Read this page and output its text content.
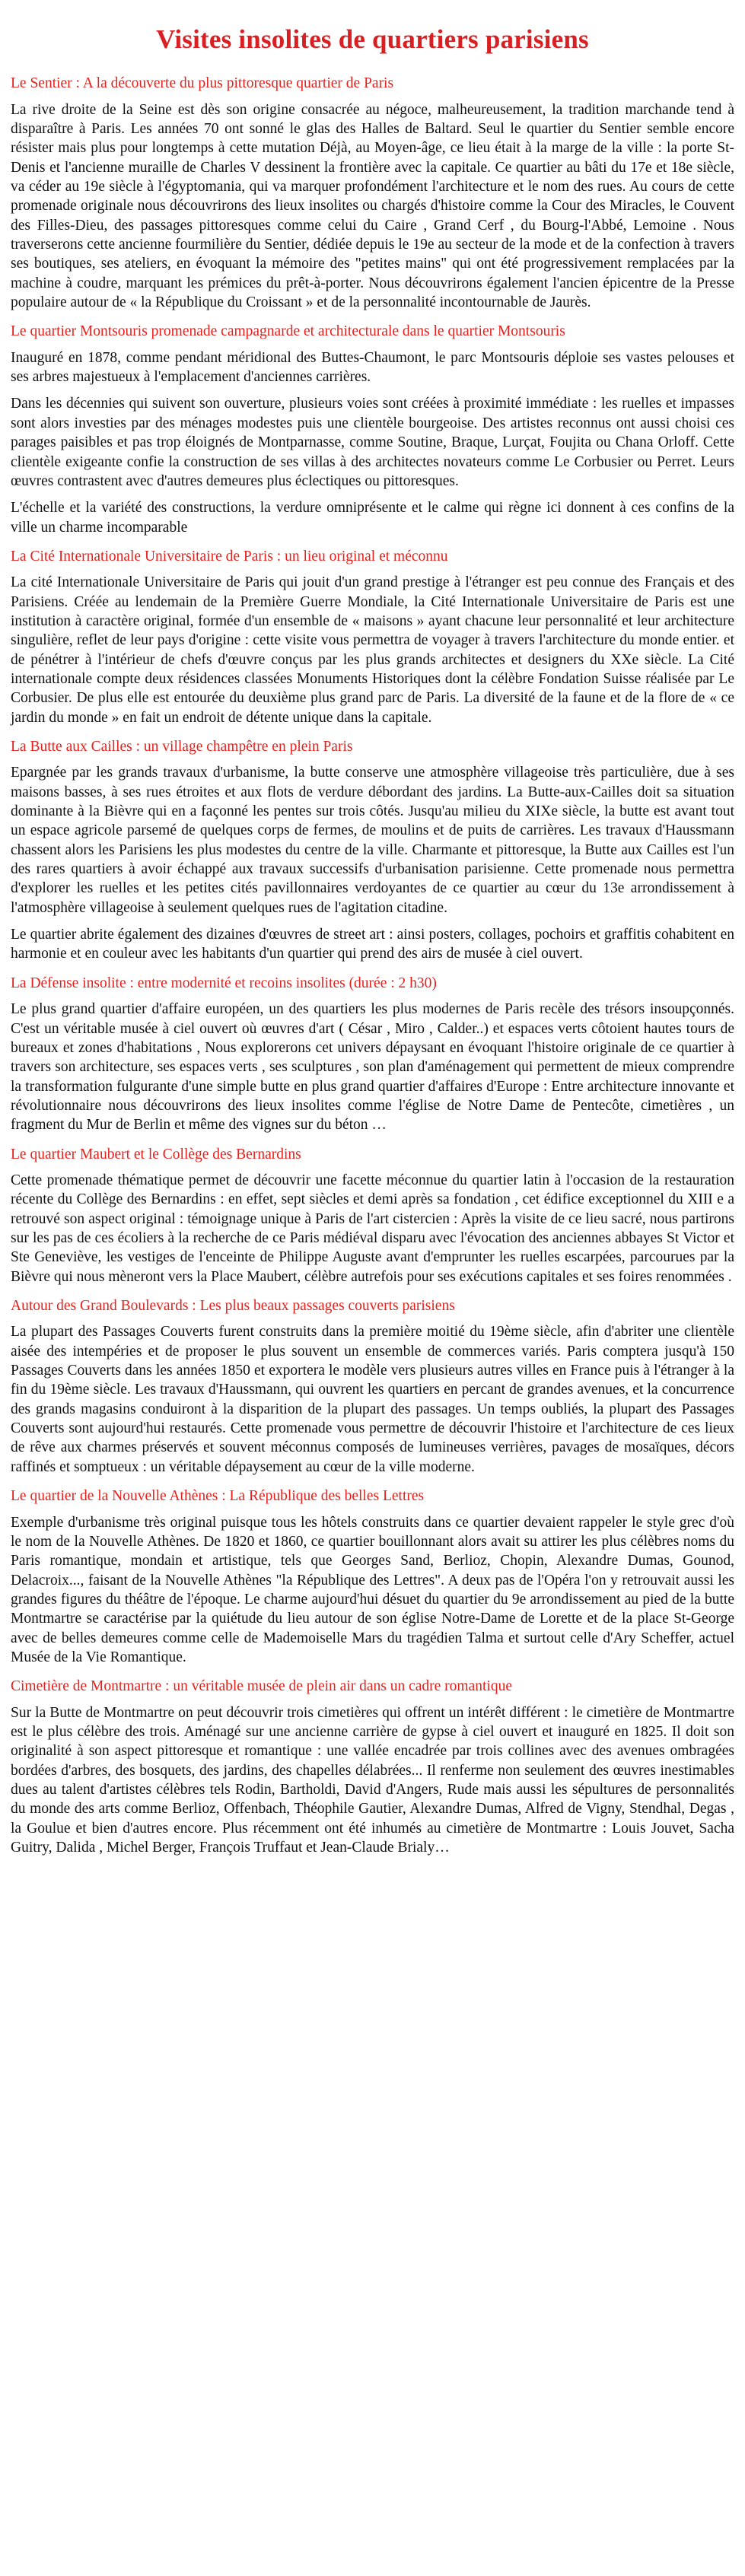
Visites insolites de quartiers parisiens
Le Sentier : A la découverte du plus pittoresque quartier de Paris

La rive droite de la Seine est dès son origine consacrée au négoce, malheureusement, la tradition marchande tend à disparaître à Paris. Les années 70 ont sonné le glas des Halles de Baltard. Seul le quartier du Sentier semble encore résister mais plus pour longtemps à cette mutation Déjà, au Moyen-âge, ce lieu était à la marge de la ville : la porte St-Denis et l'ancienne muraille de Charles V dessinent la frontière avec la capitale. Ce quartier au bâti du 17e et 18e siècle, va céder au 19e siècle à l'égyptomania, qui va marquer profondément l'architecture et le nom des rues. Au cours de cette promenade originale nous découvrirons des lieux insolites ou chargés d'histoire comme la Cour des Miracles, le Couvent des Filles-Dieu, des passages pittoresques comme celui du Caire , Grand Cerf , du Bourg-l'Abbé, Lemoine . Nous traverserons cette ancienne fourmilière du Sentier, dédiée depuis le 19e au secteur de la mode et de la confection à travers ses boutiques, ses ateliers, en évoquant la mémoire des "petites mains" qui ont été progressivement remplacées par la machine à coudre, marquant les prémices du prêt-à-porter. Nous découvrirons également l'ancien épicentre de la Presse populaire autour de « la République du Croissant » et de la personnalité incontournable de Jaurès.

Le quartier Montsouris promenade campagnarde et architecturale dans le quartier Montsouris

Inauguré en 1878, comme pendant méridional des Buttes-Chaumont, le parc Montsouris déploie ses vastes pelouses et ses arbres majestueux à l'emplacement d'anciennes carrières.

Dans les décennies qui suivent son ouverture, plusieurs voies sont créées à proximité immédiate : les ruelles et impasses sont alors investies par des ménages modestes puis une clientèle bourgeoise. Des artistes reconnus ont aussi choisi ces parages paisibles et pas trop éloignés de Montparnasse, comme Soutine, Braque, Lurçat, Foujita ou Chana Orloff. Cette clientèle exigeante confie la construction de ses villas à des architectes novateurs comme Le Corbusier ou Perret. Leurs œuvres contrastent avec d'autres demeures plus éclectiques ou pittoresques.

L'échelle et la variété des constructions, la verdure omniprésente et le calme qui règne ici donnent à ces confins de la ville un charme incomparable

La Cité Internationale Universitaire de Paris : un lieu original et méconnu

La cité Internationale Universitaire de Paris qui jouit d'un grand prestige à l'étranger est peu connue des Français et des Parisiens. Créée au lendemain de la Première Guerre Mondiale, la Cité Internationale Universitaire de Paris est une institution à caractère original, formée d'un ensemble de « maisons » ayant chacune leur personnalité et leur architecture singulière, reflet de leur pays d'origine : cette visite vous permettra de voyager à travers l'architecture du monde entier. et de pénétrer à l'intérieur de chefs d'œuvre conçus par les plus grands architectes et designers du XXe siècle. La Cité internationale compte deux résidences classées Monuments Historiques dont la célèbre Fondation Suisse réalisée par Le Corbusier. De plus elle est entourée du deuxième plus grand parc de Paris. La diversité de la faune et de la flore de « ce jardin du monde » en fait un endroit de détente unique dans la capitale.

La Butte aux Cailles : un village champêtre en plein Paris

Epargnée par les grands travaux d'urbanisme, la butte conserve une atmosphère villageoise très particulière, due à ses maisons basses, à ses rues étroites et aux flots de verdure débordant des jardins. La Butte-aux-Cailles doit sa situation dominante à la Bièvre qui en a façonné les pentes sur trois côtés. Jusqu'au milieu du XIXe siècle, la butte est avant tout un espace agricole parsemé de quelques corps de fermes, de moulins et de puits de carrières. Les travaux d'Haussmann chassent alors les Parisiens les plus modestes du centre de la ville. Charmante et pittoresque, la Butte aux Cailles est l'un des rares quartiers à avoir échappé aux travaux successifs d'urbanisation parisienne. Cette promenade nous permettra d'explorer les ruelles et les petites cités pavillonnaires verdoyantes de ce quartier au cœur du 13e arrondissement à l'atmosphère villageoise à seulement quelques rues de l'agitation citadine.

Le quartier abrite également des dizaines d'œuvres de street art : ainsi posters, collages, pochoirs et graffitis cohabitent en harmonie et en couleur avec les habitants d'un quartier qui prend des airs de musée à ciel ouvert.

La Défense insolite : entre modernité et recoins insolites (durée : 2 h30)

Le plus grand quartier d'affaire européen, un des quartiers les plus modernes de Paris recèle des trésors insoupçonnés. C'est un véritable musée à ciel ouvert où œuvres d'art ( César , Miro , Calder..) et espaces verts côtoient hautes tours de bureaux et zones d'habitations , Nous explorerons cet univers dépaysant en évoquant l'histoire originale de ce quartier à travers son architecture, ses espaces verts , ses sculptures , son plan d'aménagement qui permettent de mieux comprendre la transformation fulgurante d'une simple butte en plus grand quartier d'affaires d'Europe : Entre architecture innovante et révolutionnaire nous découvrirons des lieux insolites comme l'église de Notre Dame de Pentecôte, cimetières , un fragment du Mur de Berlin et même des vignes sur du béton …

Le quartier Maubert et le Collège des Bernardins

Cette promenade thématique permet de découvrir une facette méconnue du quartier latin à l'occasion de la restauration récente du Collège des Bernardins : en effet, sept siècles et demi après sa fondation , cet édifice exceptionnel du XIII e a retrouvé son aspect original : témoignage unique à Paris de l'art cistercien : Après la visite de ce lieu sacré, nous partirons sur les pas de ces écoliers à la recherche de ce Paris médiéval disparu avec l'évocation des anciennes abbayes St Victor et Ste Geneviève, les vestiges de l'enceinte de Philippe Auguste avant d'emprunter les ruelles escarpées, parcourues par la Bièvre qui nous mèneront vers la Place Maubert, célèbre autrefois pour ses exécutions capitales et ses foires renommées .

Autour des Grand Boulevards : Les plus beaux passages couverts parisiens

La plupart des Passages Couverts furent construits dans la première moitié du 19ème siècle, afin d'abriter une clientèle aisée des intempéries et de proposer le plus souvent un ensemble de commerces variés. Paris comptera jusqu'à 150 Passages Couverts dans les années 1850 et exportera le modèle vers plusieurs autres villes en France puis à l'étranger à la fin du 19ème siècle. Les travaux d'Haussmann, qui ouvrent les quartiers en percant de grandes avenues, et la concurrence des grands magasins conduiront à la disparition de la plupart des passages. Un temps oubliés, la plupart des Passages Couverts sont aujourd'hui restaurés. Cette promenade vous permettre de découvrir l'histoire et l'architecture de ces lieux de rêve aux charmes préservés et souvent méconnus composés de lumineuses verrières, pavages de mosaïques, décors raffinés et somptueux : un véritable dépaysement au cœur de la ville moderne.

Le quartier de la Nouvelle Athènes : La République des belles Lettres

Exemple d'urbanisme très original puisque tous les hôtels construits dans ce quartier devaient rappeler le style grec d'où le nom de la Nouvelle Athènes. De 1820 et 1860, ce quartier bouillonnant alors avait su attirer les plus célèbres noms du Paris romantique, mondain et artistique, tels que Georges Sand, Berlioz, Chopin, Alexandre Dumas, Gounod, Delacroix..., faisant de la Nouvelle Athènes "la République des Lettres". A deux pas de l'Opéra l'on y retrouvait aussi les grandes figures du théâtre de l'époque. Le charme aujourd'hui désuet du quartier du 9e arrondissement au pied de la butte Montmartre se caractérise par la quiétude du lieu autour de son église Notre-Dame de Lorette et de la place St-George avec de belles demeures comme celle de Mademoiselle Mars du tragédien Talma et surtout celle d'Ary Scheffer, actuel Musée de la Vie Romantique.

Cimetière de Montmartre : un véritable musée de plein air dans un cadre romantique

Sur la Butte de Montmartre on peut découvrir trois cimetières qui offrent un intérêt différent : le cimetière de Montmartre est le plus célèbre des trois. Aménagé sur une ancienne carrière de gypse à ciel ouvert et inauguré en 1825. Il doit son originalité à son aspect pittoresque et romantique : une vallée encadrée par trois collines avec des avenues ombragées bordées d'arbres, des bosquets, des jardins, des chapelles délabrées... Il renferme non seulement des œuvres inestimables dues au talent d'artistes célèbres tels Rodin, Bartholdi, David d'Angers, Rude mais aussi les sépultures de personnalités du monde des arts comme Berlioz, Offenbach, Théophile Gautier, Alexandre Dumas, Alfred de Vigny, Stendhal, Degas , la Goulue et bien d'autres encore. Plus récemment ont été inhumés au cimetière de Montmartre : Louis Jouvet, Sacha Guitry, Dalida , Michel Berger, François Truffaut et Jean-Claude Brialy…
